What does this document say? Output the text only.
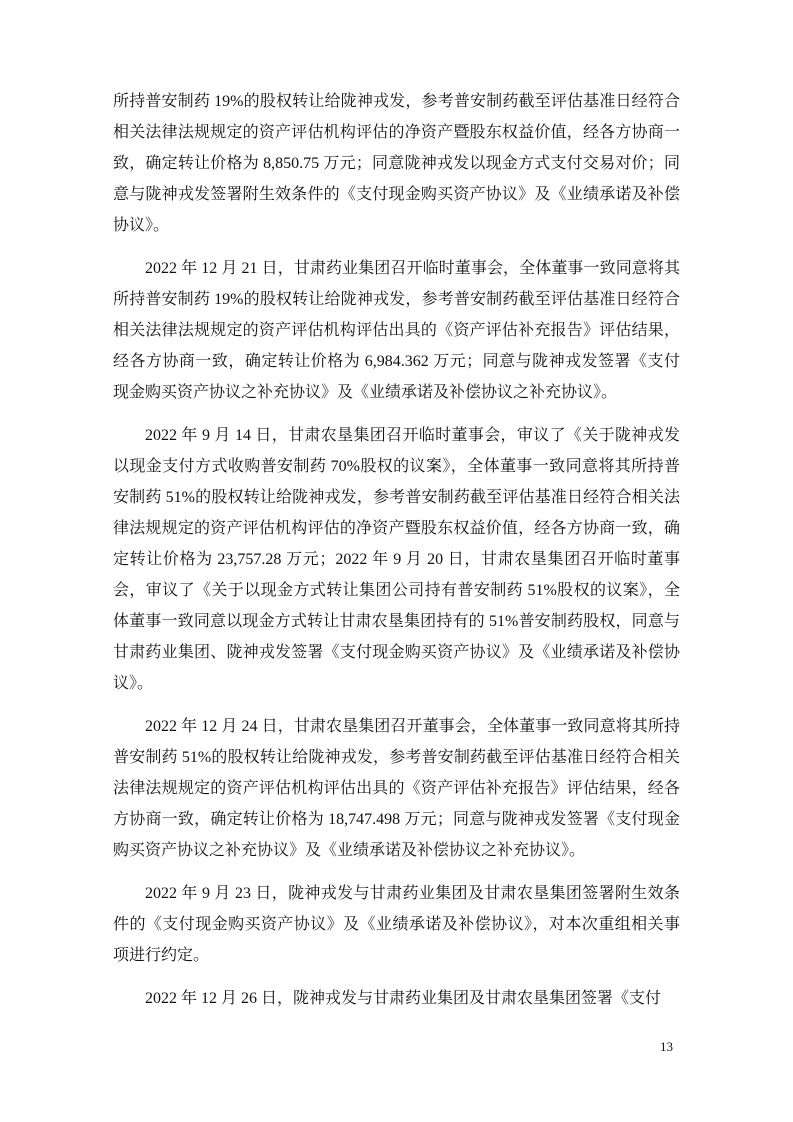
所持普安制药 19%的股权转让给陇神戎发，参考普安制药截至评估基准日经符合相关法律法规规定的资产评估机构评估的净资产暨股东权益价值，经各方协商一致，确定转让价格为 8,850.75 万元；同意陇神戎发以现金方式支付交易对价；同意与陇神戎发签署附生效条件的《支付现金购买资产协议》及《业绩承诺及补偿协议》。

2022 年 12 月 21 日，甘肃药业集团召开临时董事会，全体董事一致同意将其所持普安制药 19%的股权转让给陇神戎发，参考普安制药截至评估基准日经符合相关法律法规规定的资产评估机构评估出具的《资产评估补充报告》评估结果，经各方协商一致，确定转让价格为 6,984.362 万元；同意与陇神戎发签署《支付现金购买资产协议之补充协议》及《业绩承诺及补偿协议之补充协议》。

2022 年 9 月 14 日，甘肃农垦集团召开临时董事会，审议了《关于陇神戎发以现金支付方式收购普安制药 70%股权的议案》，全体董事一致同意将其所持普安制药 51%的股权转让给陇神戎发，参考普安制药截至评估基准日经符合相关法律法规规定的资产评估机构评估的净资产暨股东权益价值，经各方协商一致，确定转让价格为 23,757.28 万元；2022 年 9 月 20 日，甘肃农垦集团召开临时董事会，审议了《关于以现金方式转让集团公司持有普安制药 51%股权的议案》，全体董事一致同意以现金方式转让甘肃农垦集团持有的 51%普安制药股权，同意与甘肃药业集团、陇神戎发签署《支付现金购买资产协议》及《业绩承诺及补偿协议》。

2022 年 12 月 24 日，甘肃农垦集团召开董事会，全体董事一致同意将其所持普安制药 51%的股权转让给陇神戎发，参考普安制药截至评估基准日经符合相关法律法规规定的资产评估机构评估出具的《资产评估补充报告》评估结果，经各方协商一致，确定转让价格为 18,747.498 万元；同意与陇神戎发签署《支付现金购买资产协议之补充协议》及《业绩承诺及补偿协议之补充协议》。

2022 年 9 月 23 日，陇神戎发与甘肃药业集团及甘肃农垦集团签署附生效条件的《支付现金购买资产协议》及《业绩承诺及补偿协议》，对本次重组相关事项进行约定。

2022 年 12 月 26 日，陇神戎发与甘肃药业集团及甘肃农垦集团签署《支付

13
